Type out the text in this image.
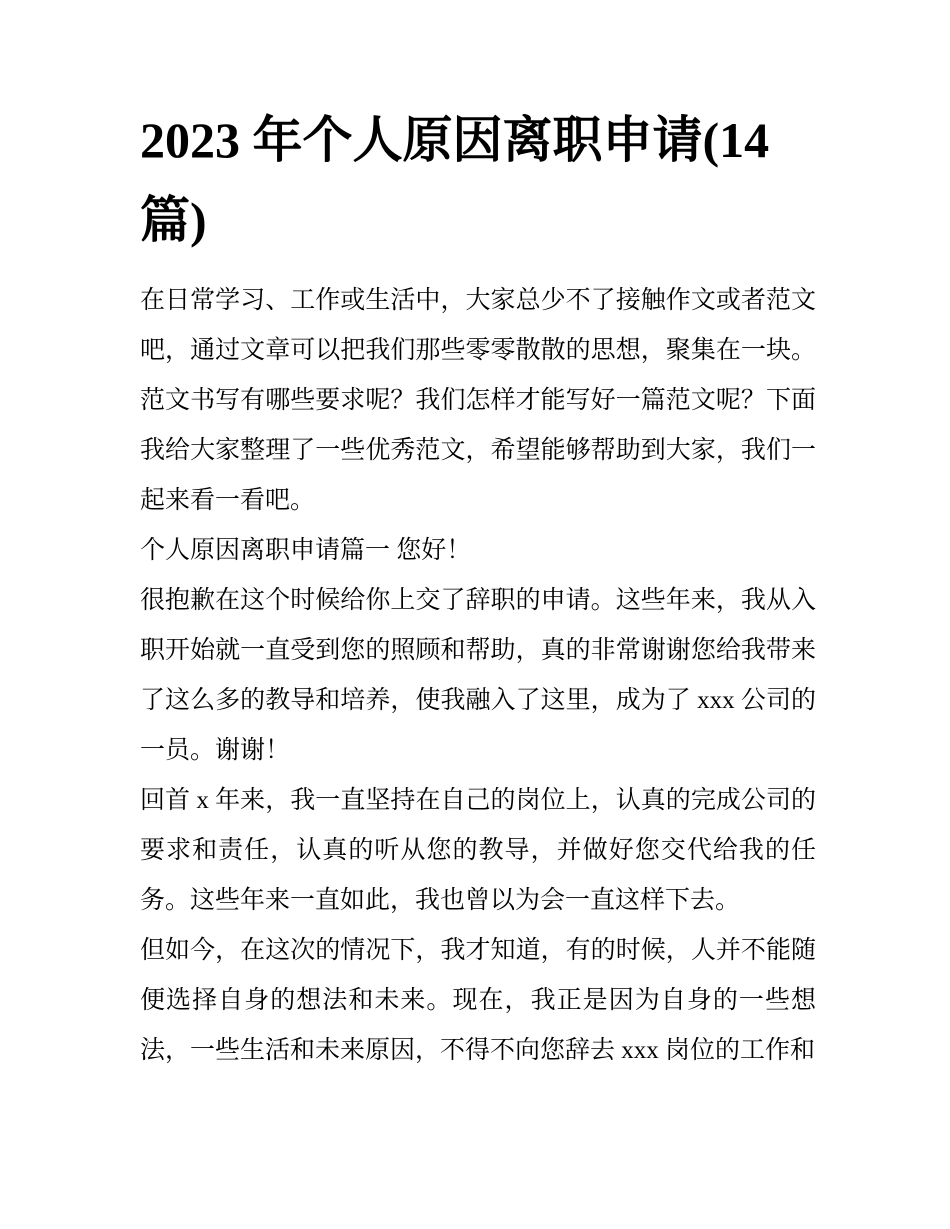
2023 年个人原因离职申请(14 篇)

在日常学习、工作或生活中，大家总少不了接触作文或者范文吧，通过文章可以把我们那些零零散散的思想，聚集在一块。范文书写有哪些要求呢？我们怎样才能写好一篇范文呢？下面我给大家整理了一些优秀范文，希望能够帮助到大家，我们一起来看一看吧。

个人原因离职申请篇一 您好！

很抱歉在这个时候给你上交了辞职的申请。这些年来，我从入职开始就一直受到您的照顾和帮助，真的非常谢谢您给我带来了这么多的教导和培养，使我融入了这里，成为了 xxx 公司的一员。谢谢！

回首 x 年来，我一直坚持在自己的岗位上，认真的完成公司的要求和责任，认真的听从您的教导，并做好您交代给我的任务。这些年来一直如此，我也曾以为会一直这样下去。

但如今，在这次的情况下，我才知道，有的时候，人并不能随便选择自身的想法和未来。现在，我正是因为自身的一些想法，一些生活和未来原因，不得不向您辞去 xxx 岗位的工作和
